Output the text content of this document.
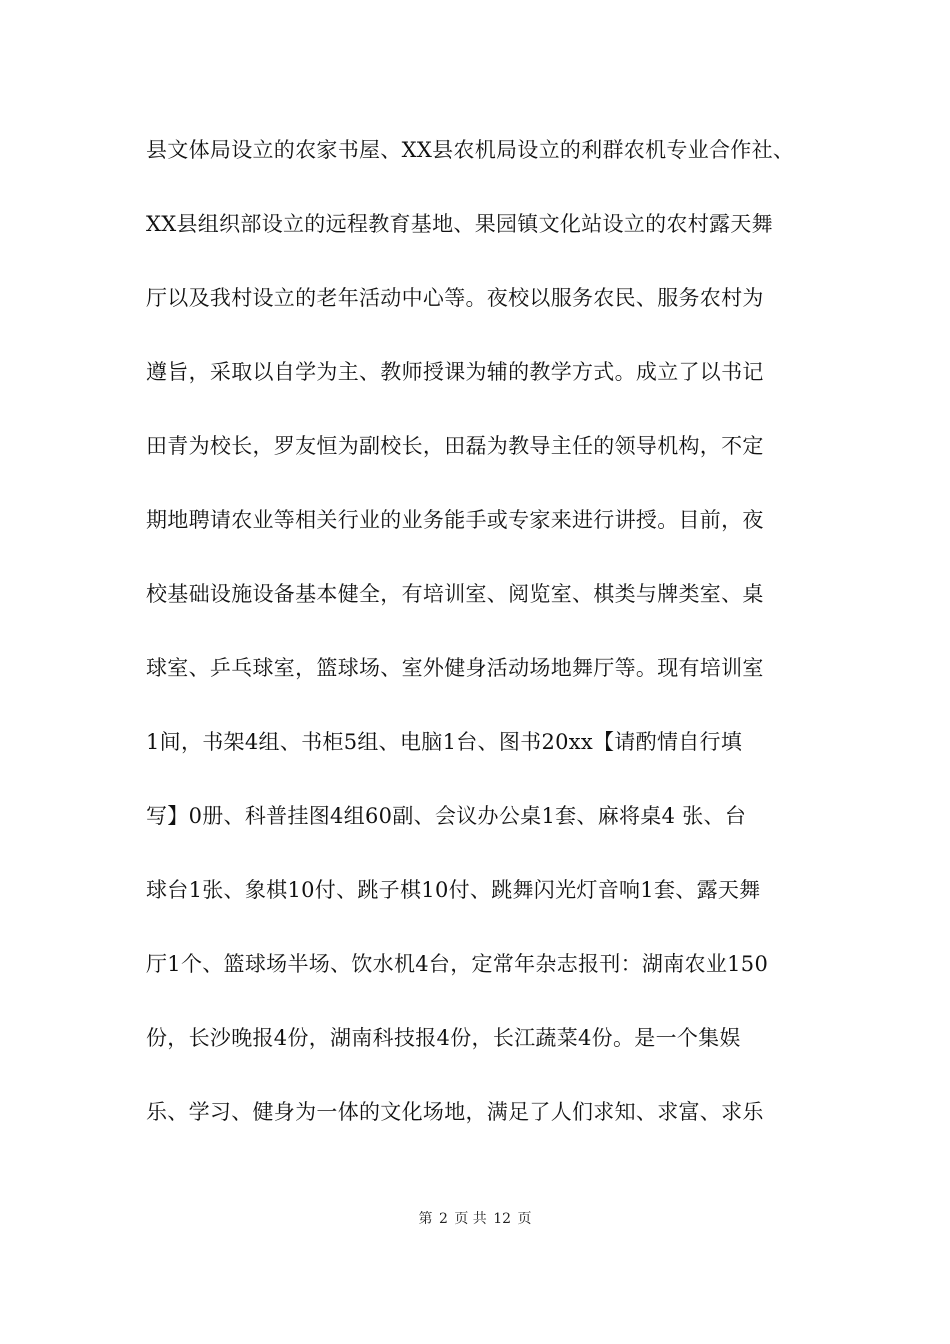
县文体局设立的农家书屋、XX县农机局设立的利群农机专业合作社、
XX县组织部设立的远程教育基地、果园镇文化站设立的农村露天舞
厅以及我村设立的老年活动中心等。夜校以服务农民、服务农村为
遵旨，采取以自学为主、教师授课为辅的教学方式。成立了以书记
田青为校长，罗友恒为副校长，田磊为教导主任的领导机构，不定
期地聘请农业等相关行业的业务能手或专家来进行讲授。目前，夜
校基础设施设备基本健全，有培训室、阅览室、棋类与牌类室、桌
球室、乒乓球室，篮球场、室外健身活动场地舞厅等。现有培训室
1间，书架4组、书柜5组、电脑1台、图书20xx【请酌情自行填
写】0册、科普挂图4组60副、会议办公桌1套、麻将桌4 张、台
球台1张、象棋10付、跳子棋10付、跳舞闪光灯音响1套、露天舞
厅1个、篮球场半场、饮水机4台，定常年杂志报刊：湖南农业150
份，长沙晚报4份，湖南科技报4份，长江蔬菜4份。是一个集娱
乐、学习、健身为一体的文化场地，满足了人们求知、求富、求乐
第 2 页 共 12 页
